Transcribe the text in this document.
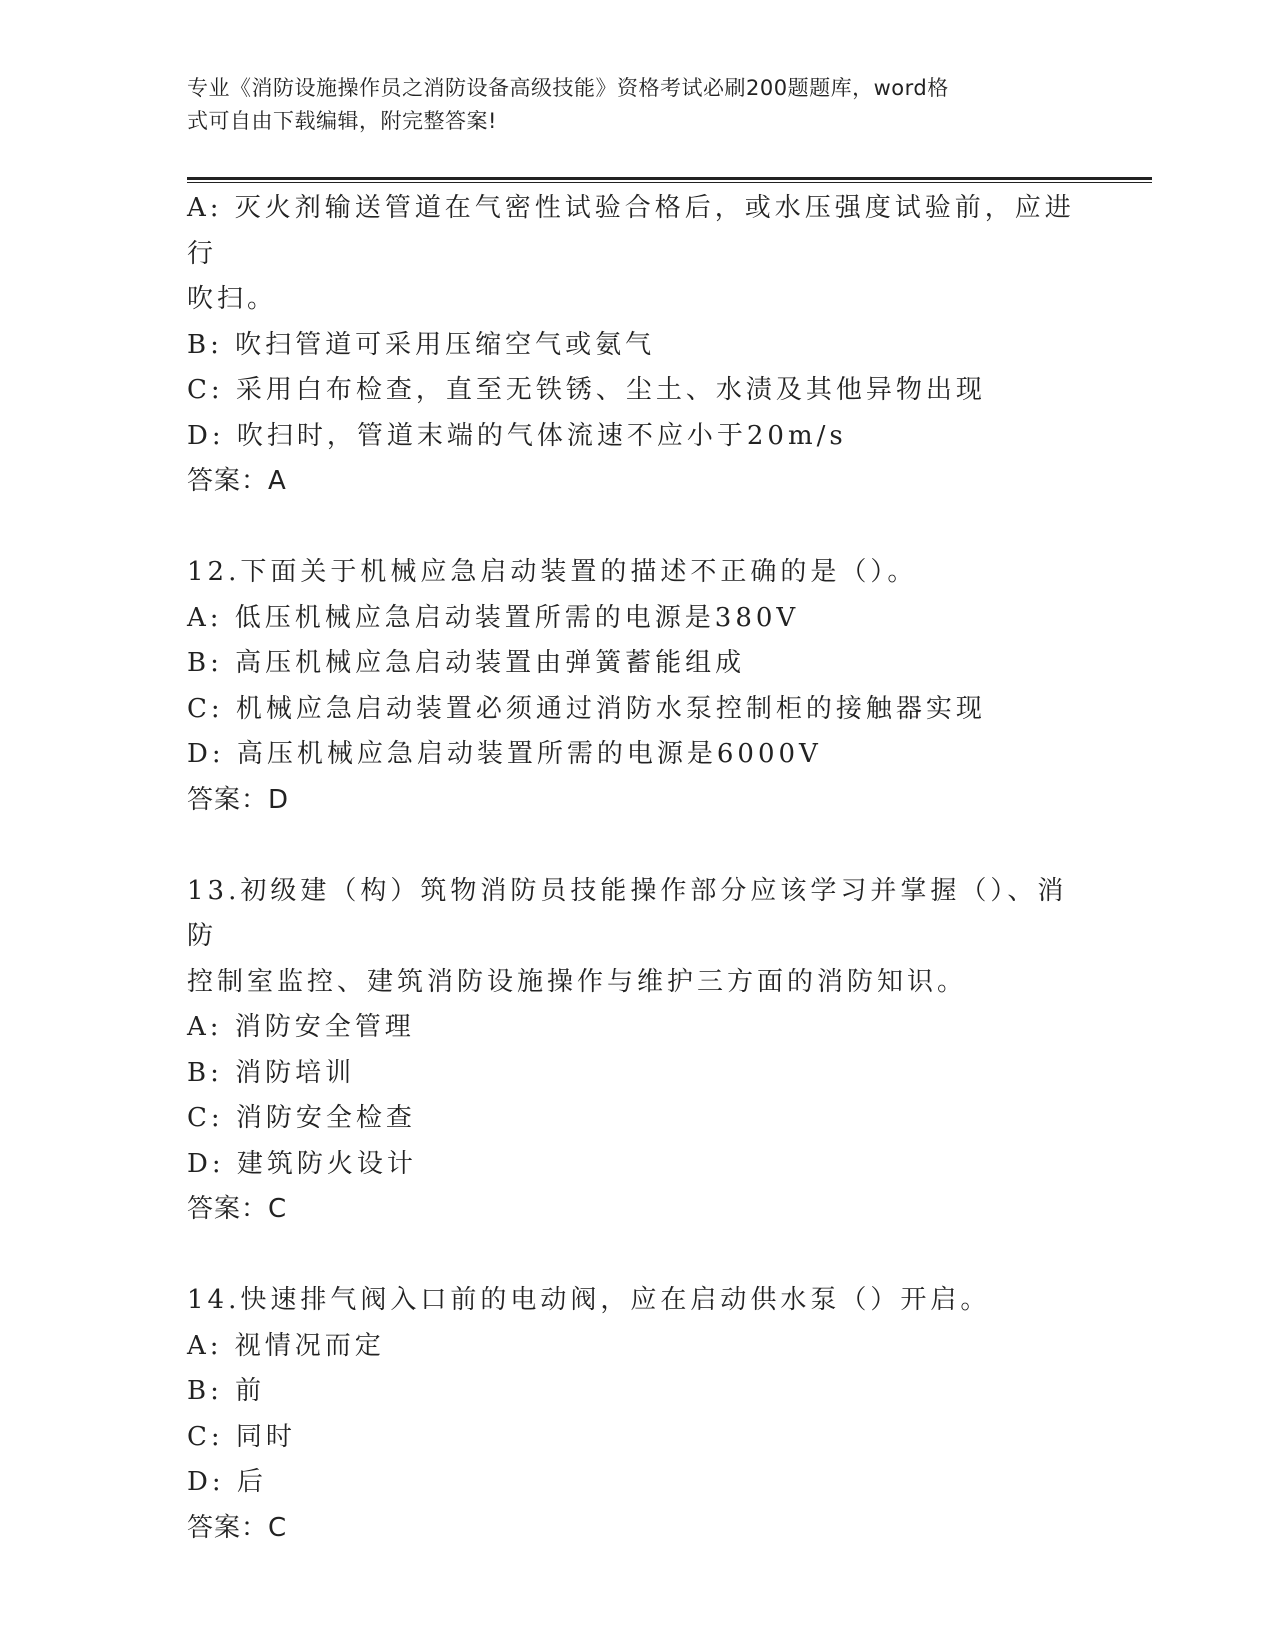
专业《消防设施操作员之消防设备高级技能》资格考试必刷200题题库，word格
式可自由下载编辑，附完整答案!
A: 灭火剂输送管道在气密性试验合格后，或水压强度试验前，应进行
吹扫。
B: 吹扫管道可采用压缩空气或氨气
C: 采用白布检查，直至无铁锈、尘土、水渍及其他异物出现
D: 吹扫时，管道末端的气体流速不应小于20m/s
答案：A
12.下面关于机械应急启动装置的描述不正确的是（）。
A: 低压机械应急启动装置所需的电源是380V
B: 高压机械应急启动装置由弹簧蓄能组成
C: 机械应急启动装置必须通过消防水泵控制柜的接触器实现
D: 高压机械应急启动装置所需的电源是6000V
答案：D
13.初级建（构）筑物消防员技能操作部分应该学习并掌握（）、消防
控制室监控、建筑消防设施操作与维护三方面的消防知识。
A: 消防安全管理
B: 消防培训
C: 消防安全检查
D: 建筑防火设计
答案：C
14.快速排气阀入口前的电动阀，应在启动供水泵（）开启。
A: 视情况而定
B: 前
C: 同时
D: 后
答案：C
